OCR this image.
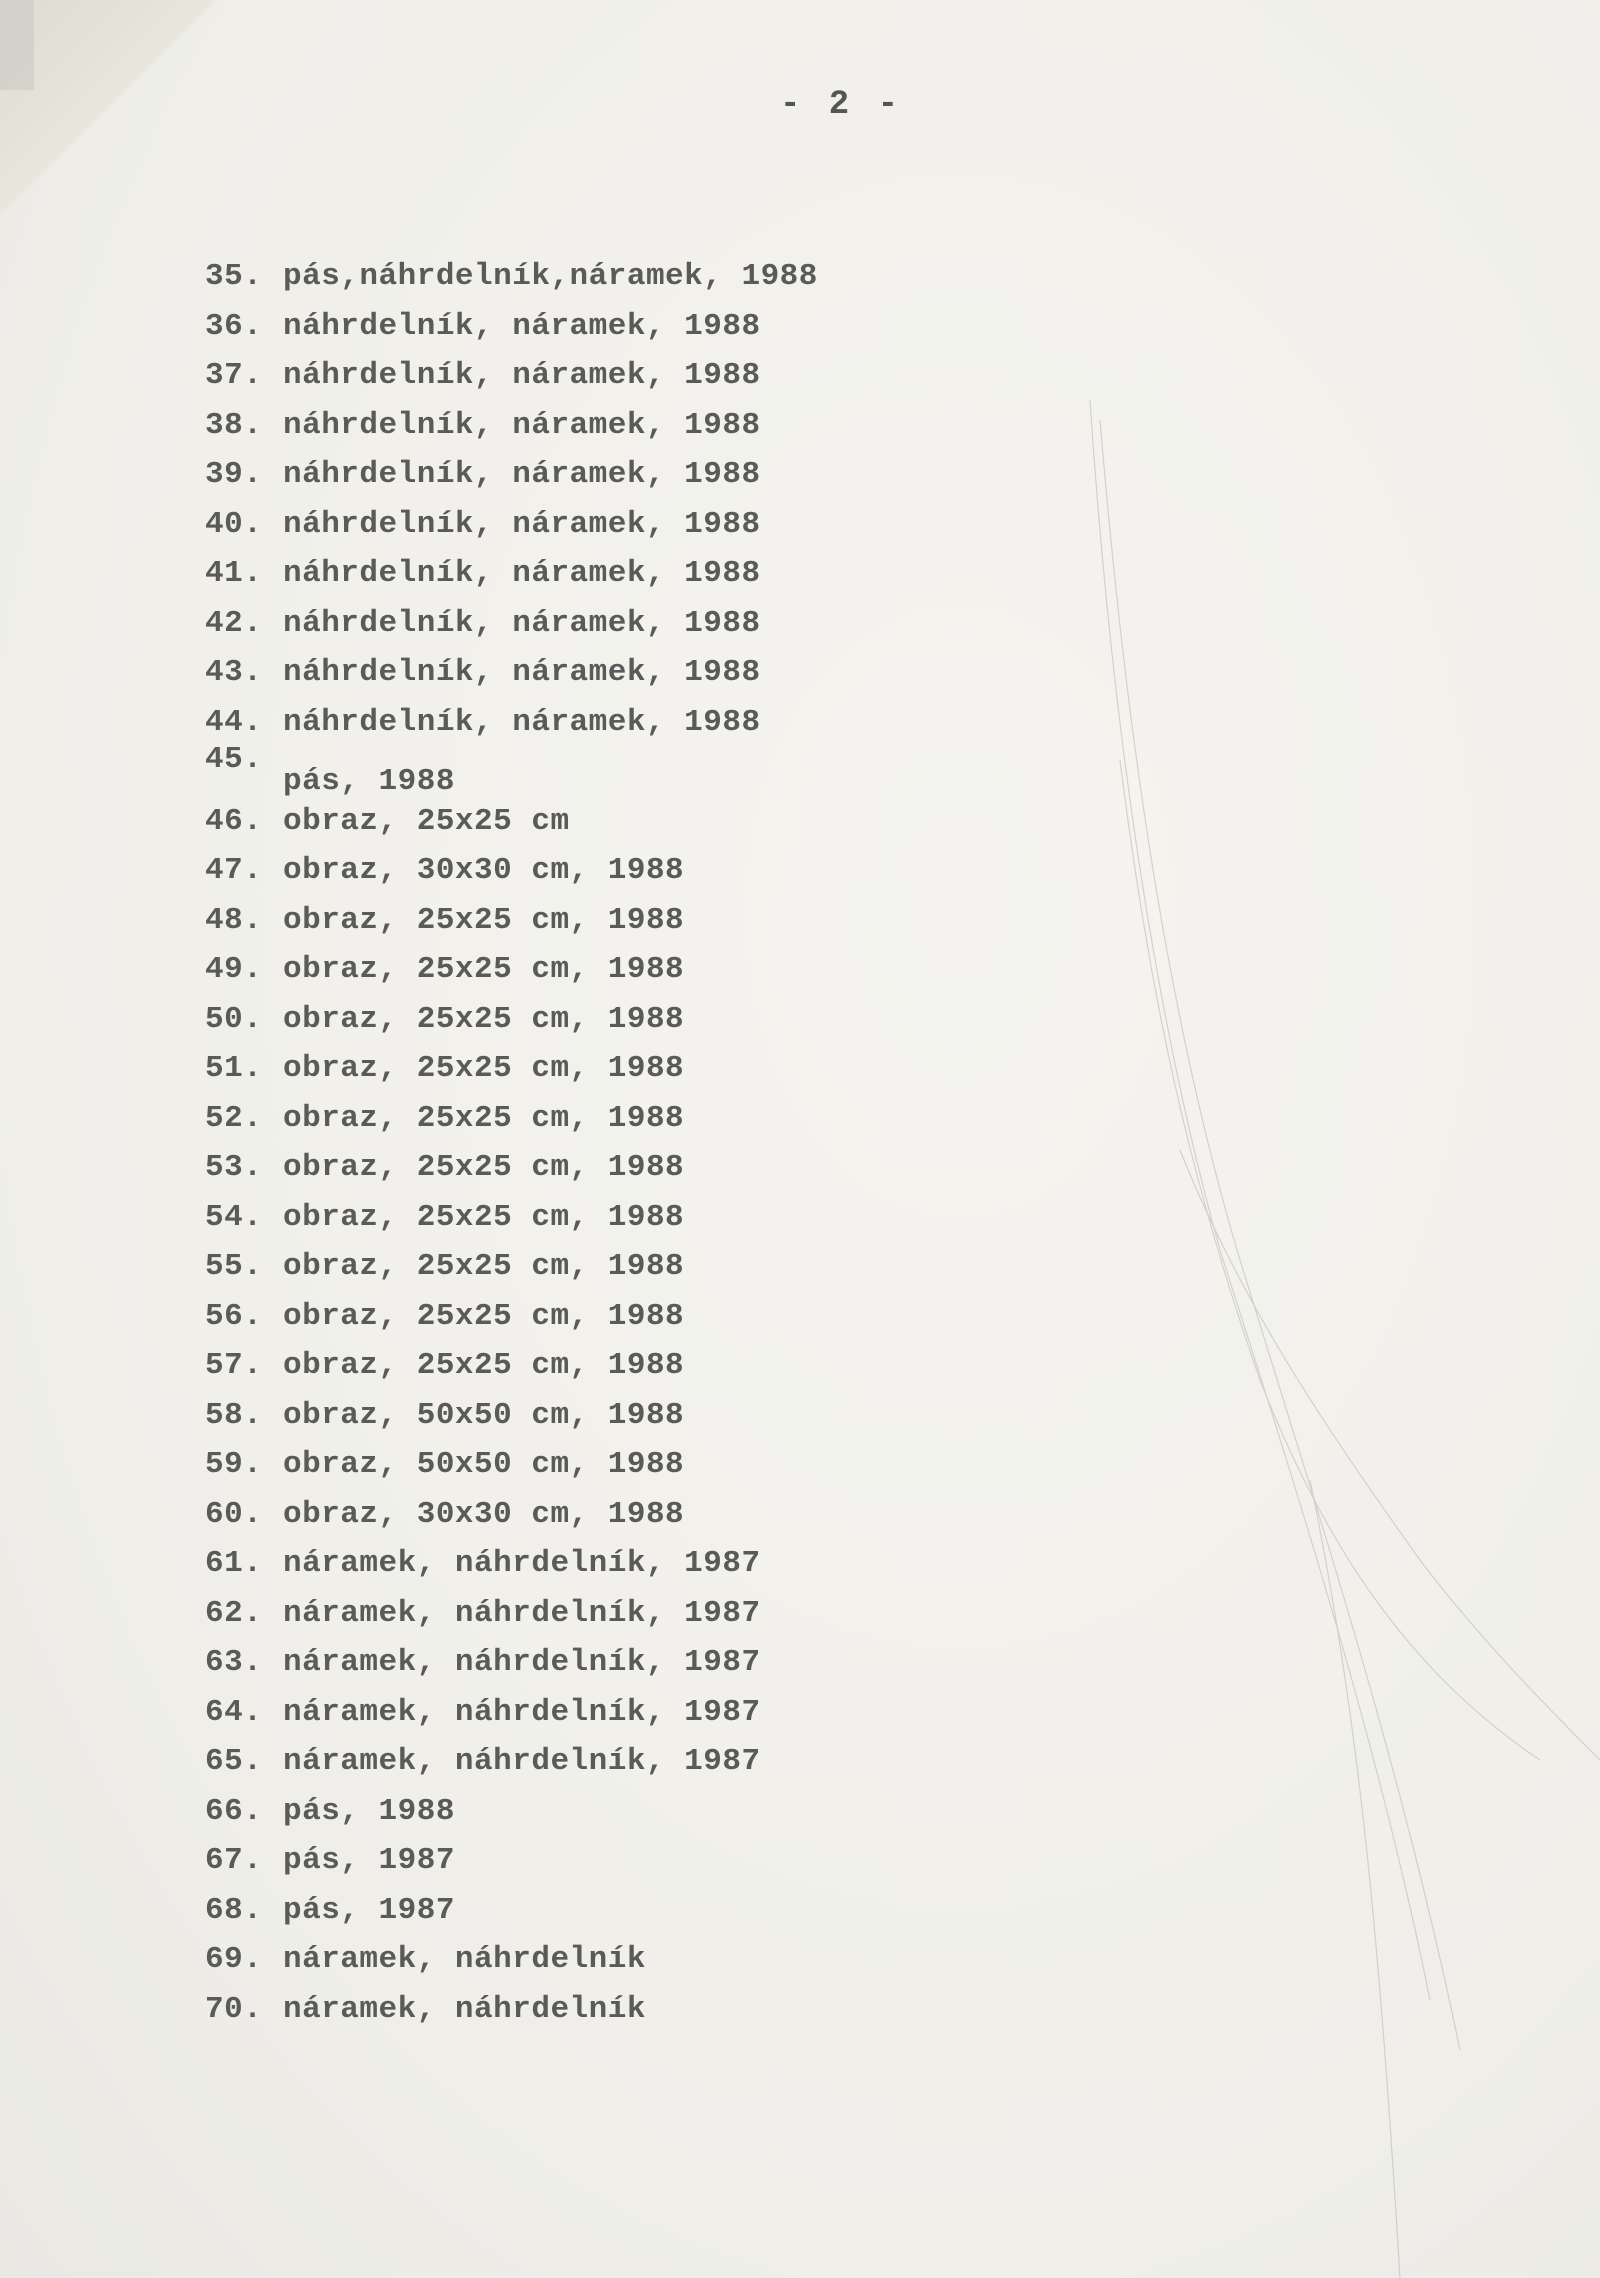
- 2 -
35. pás,náhrdelník,náramek, 1988
36. náhrdelník, náramek, 1988
37. náhrdelník, náramek, 1988
38. náhrdelník, náramek, 1988
39. náhrdelník, náramek, 1988
40. náhrdelník, náramek, 1988
41. náhrdelník, náramek, 1988
42. náhrdelník, náramek, 1988
43. náhrdelník, náramek, 1988
44. náhrdelník, náramek, 1988
45.pás, 1988
46. obraz, 25x25 cm
47. obraz, 30x30 cm, 1988
48. obraz, 25x25 cm, 1988
49. obraz, 25x25 cm, 1988
50. obraz, 25x25 cm, 1988
51. obraz, 25x25 cm, 1988
52. obraz, 25x25 cm, 1988
53. obraz, 25x25 cm, 1988
54. obraz, 25x25 cm, 1988
55. obraz, 25x25 cm, 1988
56. obraz, 25x25 cm, 1988
57. obraz, 25x25 cm, 1988
58. obraz, 50x50 cm, 1988
59. obraz, 50x50 cm, 1988
60. obraz, 30x30 cm, 1988
61. náramek, náhrdelník, 1987
62. náramek, náhrdelník, 1987
63. náramek, náhrdelník, 1987
64. náramek, náhrdelník, 1987
65. náramek, náhrdelník, 1987
66. pás, 1988
67. pás, 1987
68. pás, 1987
69. náramek, náhrdelník
70. náramek, náhrdelník
